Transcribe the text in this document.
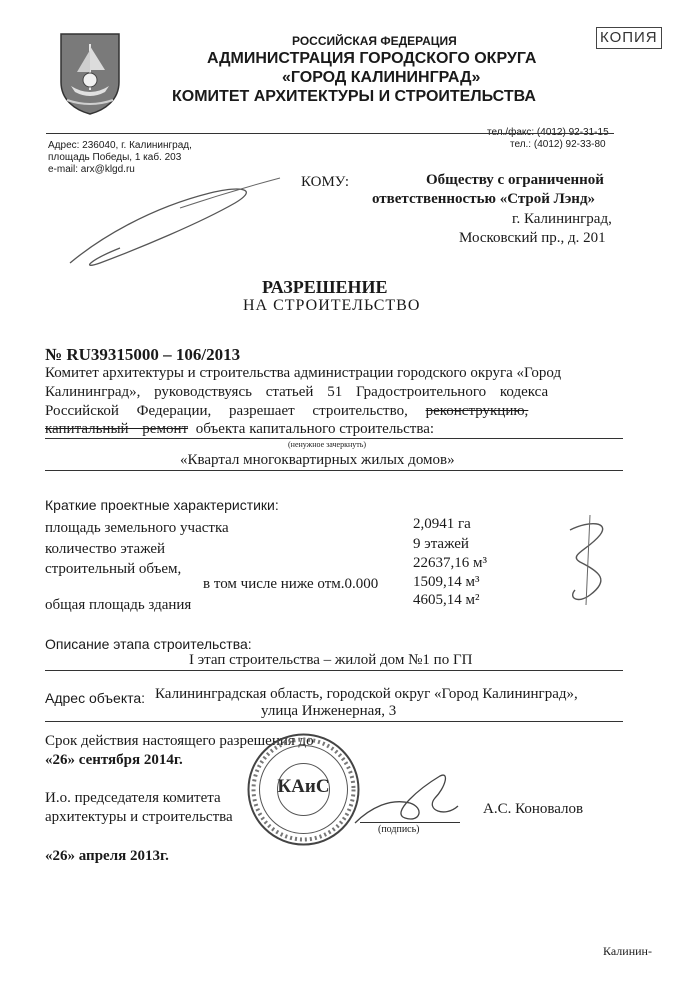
РОССИЙСКАЯ ФЕДЕРАЦИЯ
АДМИНИСТРАЦИЯ ГОРОДСКОГО ОКРУГА
«ГОРОД КАЛИНИНГРАД»
КОМИТЕТ АРХИТЕКТУРЫ И СТРОИТЕЛЬСТВА
КОПИЯ
Адрес: 236040, г. Калининград,
площадь Победы, 1 каб. 203
e-mail: arx@klgd.ru
тел./факс: (4012) 92-31-15
тел.: (4012) 92-33-80
КОМУ:	Обществу с ограниченной
ответственностью «Строй Лэнд»
г. Калининград,
Московский пр., д. 201
РАЗРЕШЕНИЕ
НА СТРОИТЕЛЬСТВО
№ RU39315000 – 106/2013
Комитет архитектуры и строительства администрации городского округа «Город
Калининград», руководствуясь статьей 51 Градостроительного кодекса
Российской Федерации, разрешает строительство, реконструкцию,
капитальный ремонт объекта капитального строительства:
(ненужное зачеркнуть)
«Квартал многоквартирных жилых домов»
Краткие проектные характеристики:
площадь земельного участка	2,0941 га
количество этажей	9 этажей
строительный объем,	22637,16 м³
в том числе ниже отм.0.000 1509,14 м³
общая площадь здания	4605,14 м²
Описание этапа строительства:
I этап строительства – жилой дом №1 по ГП
Адрес объекта: Калининградская область, городской округ «Город Калининград»,
улица Инженерная, 3
Срок действия настоящего разрешения до
«26» сентября 2014г.
И.о. председателя комитета
архитектуры и строительства
КАиС
(подпись)
А.С. Коновалов
«26» апреля 2013г.
Калинин-
